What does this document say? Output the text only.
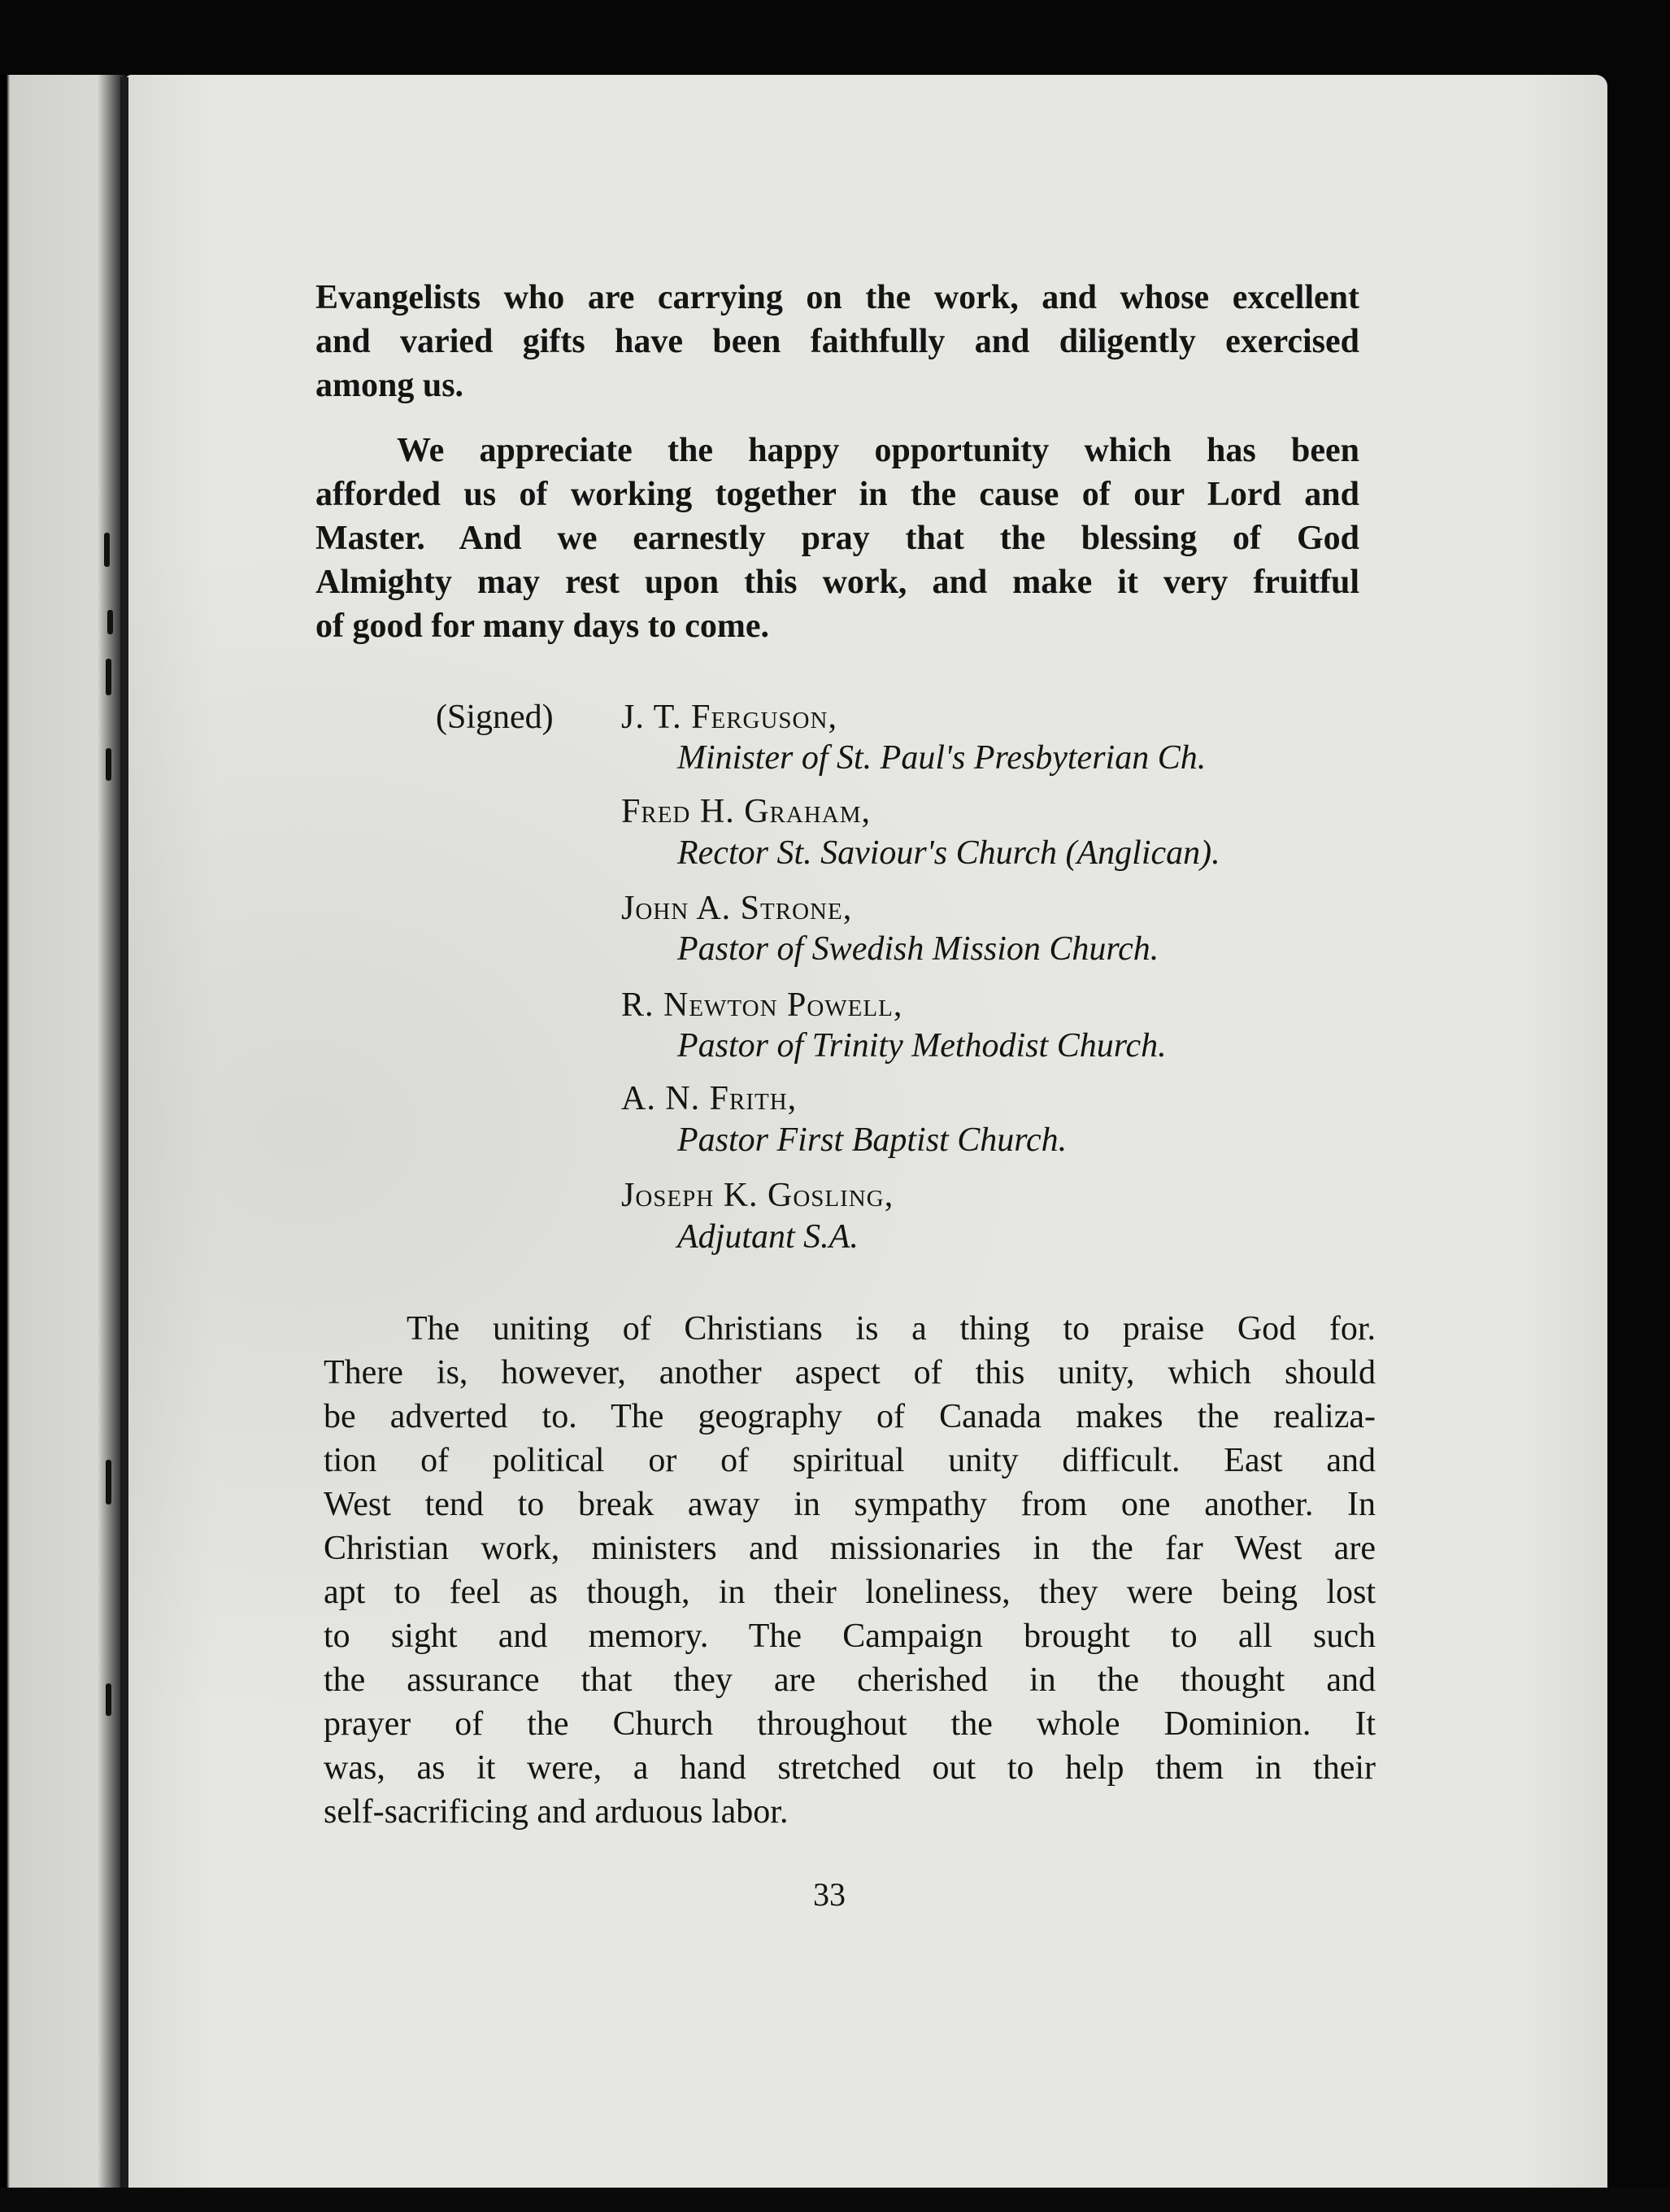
Evangelists who are carrying on the work, and whose excellent
and varied gifts have been faithfully and diligently exercised
among us.
We appreciate the happy opportunity which has been
afforded us of working together in the cause of our Lord and
Master. And we earnestly pray that the blessing of God
Almighty may rest upon this work, and make it very fruitful
of good for many days to come.
(Signed) J. T. Ferguson,
Minister of St. Paul's Presbyterian Ch.
Fred H. Graham,
Rector St. Saviour's Church (Anglican).
John A. Strone,
Pastor of Swedish Mission Church.
R. Newton Powell,
Pastor of Trinity Methodist Church.
A. N. Frith,
Pastor First Baptist Church.
Joseph K. Gosling,
Adjutant S.A.
The uniting of Christians is a thing to praise God for.
There is, however, another aspect of this unity, which should
be adverted to. The geography of Canada makes the realiza-
tion of political or of spiritual unity difficult. East and
West tend to break away in sympathy from one another. In
Christian work, ministers and missionaries in the far West are
apt to feel as though, in their loneliness, they were being lost
to sight and memory. The Campaign brought to all such
the assurance that they are cherished in the thought and
prayer of the Church throughout the whole Dominion. It
was, as it were, a hand stretched out to help them in their
self-sacrificing and arduous labor.
33
